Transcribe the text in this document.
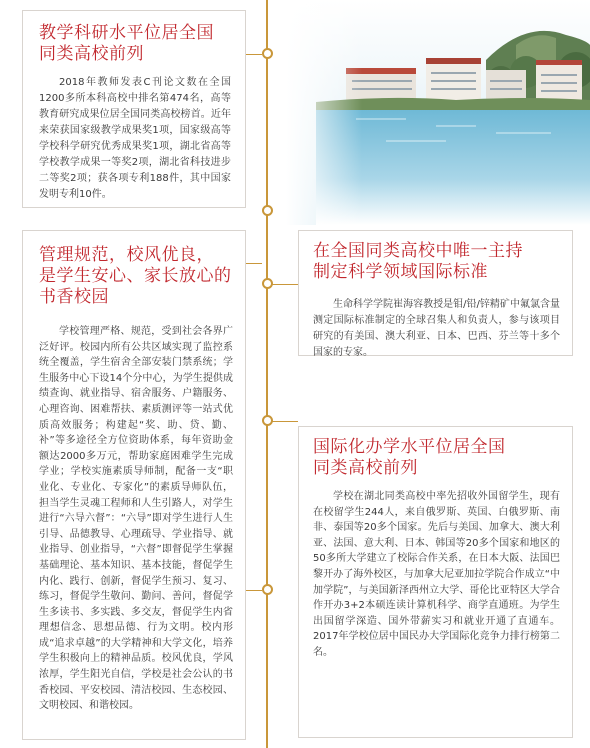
教学科研水平位居全国
同类高校前列

2018年教师发表C刊论文数在全国1200多所本科高校中排名第474名，高等教育研究成果位居全国同类高校榜首。近年来荣获国家级教学成果奖1项，国家级高等学校科学研究优秀成果奖1项，湖北省高等学校教学成果一等奖2项，湖北省科技进步二等奖2项；获各项专利188件，其中国家发明专利10件。

管理规范，校风优良，
是学生安心、家长放心的
书香校园

学校管理严格、规范，受到社会各界广泛好评。校园内所有公共区域实现了监控系统全覆盖，学生宿舍全部安装门禁系统；学生服务中心下设14个分中心，为学生提供成绩查询、就业指导、宿舍服务、户籍服务、心理咨询、困难帮扶、素质测评等一站式优质高效服务；构建起“奖、助、贷、勤、补”等多途径全方位资助体系，每年资助金额达2000多万元，帮助家庭困难学生完成学业；学校实施素质导师制，配备一支“职业化、专业化、专家化”的素质导师队伍，担当学生灵魂工程师和人生引路人，对学生进行“六导六督”：“六导”即对学生进行人生引导、品德教导、心理疏导、学业指导、就业指导、创业指导，“六督”即督促学生掌握基础理论、基本知识、基本技能，督促学生内化、践行、创新，督促学生预习、复习、练习，督促学生敬问、勤问、善问，督促学生多读书、多实践、多交友，督促学生内省理想信念、思想品德、行为文明。校内形成“追求卓越”的大学精神和大学文化，培养学生积极向上的精神品质。校风优良，学风浓厚，学生阳光自信，学校是社会公认的书香校园、平安校园、清洁校园、生态校园、文明校园、和谐校园。

在全国同类高校中唯一主持
制定科学领域国际标准

生命科学学院崔海容教授是钼/铅/锌精矿中氟氯含量测定国际标准制定的全球召集人和负责人，参与该项目研究的有美国、澳大利亚、日本、巴西、芬兰等十多个国家的专家。

国际化办学水平位居全国
同类高校前列

学校在湖北同类高校中率先招收外国留学生，现有在校留学生244人，来自俄罗斯、英国、白俄罗斯、南非、泰国等20多个国家。先后与美国、加拿大、澳大利亚、法国、意大利、日本、韩国等20多个国家和地区的50多所大学建立了校际合作关系，在日本大阪、法国巴黎开办了海外校区，与加拿大尼亚加拉学院合作成立“中加学院”，与美国新泽西州立大学、哥伦比亚特区大学合作开办3+2本硕连读计算机科学、商学直通班。为学生出国留学深造、国外带薪实习和就业开通了直通车。2017年学校位居中国民办大学国际化竞争力排行榜第二名。
